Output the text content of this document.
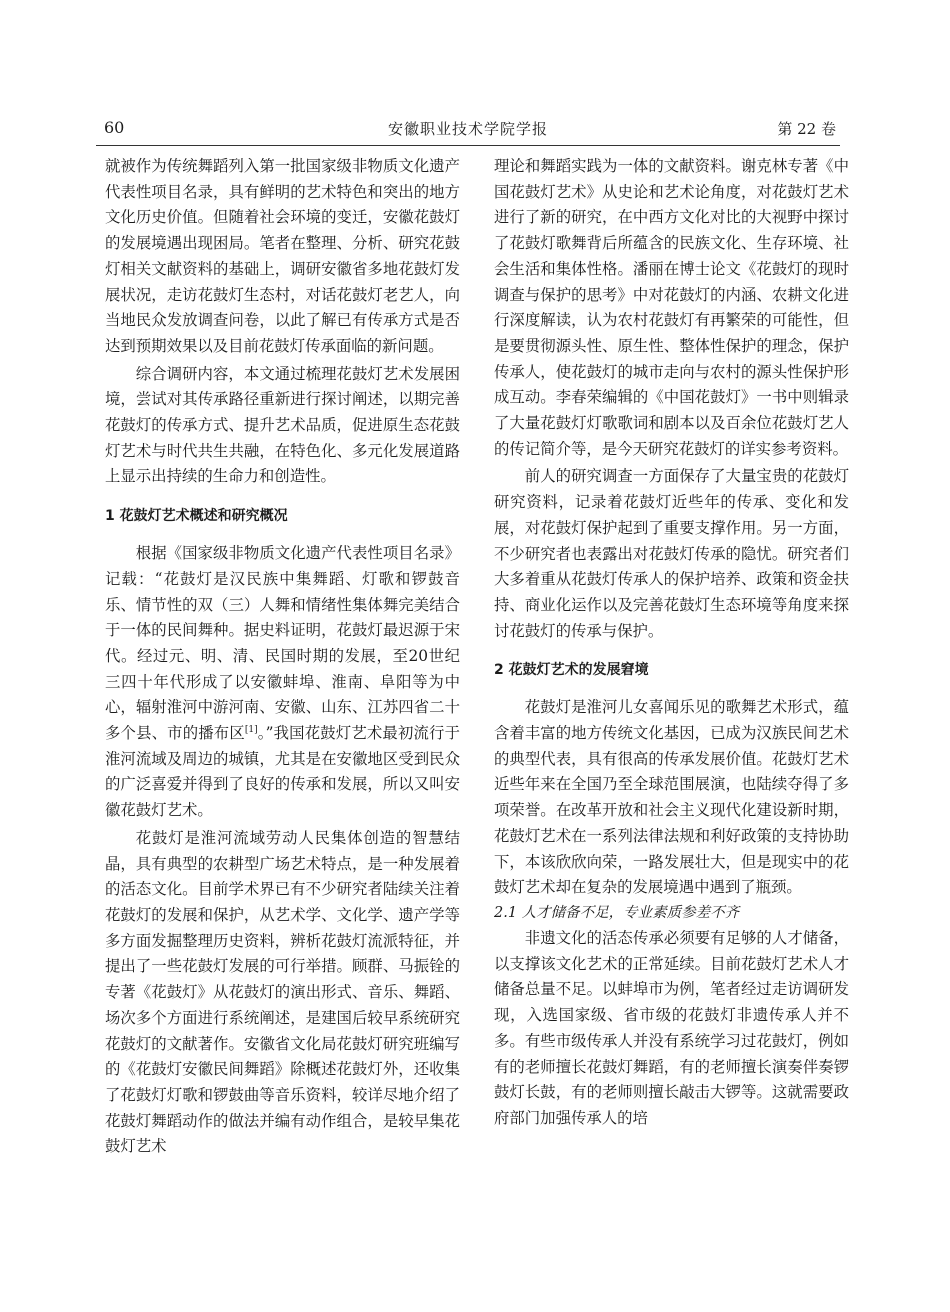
60	安徽职业技术学院学报	第 22 卷

就被作为传统舞蹈列入第一批国家级非物质文化遗产代表性项目名录，具有鲜明的艺术特色和突出的地方文化历史价值。但随着社会环境的变迁，安徽花鼓灯的发展境遇出现困局。笔者在整理、分析、研究花鼓灯相关文献资料的基础上，调研安徽省多地花鼓灯发展状况，走访花鼓灯生态村，对话花鼓灯老艺人，向当地民众发放调查问卷，以此了解已有传承方式是否达到预期效果以及目前花鼓灯传承面临的新问题。

综合调研内容，本文通过梳理花鼓灯艺术发展困境，尝试对其传承路径重新进行探讨阐述，以期完善花鼓灯的传承方式、提升艺术品质，促进原生态花鼓灯艺术与时代共生共融，在特色化、多元化发展道路上显示出持续的生命力和创造性。

1 花鼓灯艺术概述和研究概况

根据《国家级非物质文化遗产代表性项目名录》记载：“花鼓灯是汉民族中集舞蹈、灯歌和锣鼓音乐、情节性的双（三）人舞和情绪性集体舞完美结合于一体的民间舞种。据史料证明，花鼓灯最迟源于宋代。经过元、明、清、民国时期的发展，至20世纪三四十年代形成了以安徽蚌埠、淮南、阜阳等为中心，辐射淮河中游河南、安徽、山东、江苏四省二十多个县、市的播布区[1]。”我国花鼓灯艺术最初流行于淮河流域及周边的城镇，尤其是在安徽地区受到民众的广泛喜爱并得到了良好的传承和发展，所以又叫安徽花鼓灯艺术。

花鼓灯是淮河流域劳动人民集体创造的智慧结晶，具有典型的农耕型广场艺术特点，是一种发展着的活态文化。目前学术界已有不少研究者陆续关注着花鼓灯的发展和保护，从艺术学、文化学、遗产学等多方面发掘整理历史资料，辨析花鼓灯流派特征，并提出了一些花鼓灯发展的可行举措。顾群、马振铨的专著《花鼓灯》从花鼓灯的演出形式、音乐、舞蹈、场次多个方面进行系统阐述，是建国后较早系统研究花鼓灯的文献著作。安徽省文化局花鼓灯研究班编写的《花鼓灯安徽民间舞蹈》除概述花鼓灯外，还收集了花鼓灯灯歌和锣鼓曲等音乐资料，较详尽地介绍了花鼓灯舞蹈动作的做法并编有动作组合，是较早集花鼓灯艺术

理论和舞蹈实践为一体的文献资料。谢克林专著《中国花鼓灯艺术》从史论和艺术论角度，对花鼓灯艺术进行了新的研究，在中西方文化对比的大视野中探讨了花鼓灯歌舞背后所蕴含的民族文化、生存环境、社会生活和集体性格。潘丽在博士论文《花鼓灯的现时调查与保护的思考》中对花鼓灯的内涵、农耕文化进行深度解读，认为农村花鼓灯有再繁荣的可能性，但是要贯彻源头性、原生性、整体性保护的理念，保护传承人，使花鼓灯的城市走向与农村的源头性保护形成互动。李春荣编辑的《中国花鼓灯》一书中则辑录了大量花鼓灯灯歌歌词和剧本以及百余位花鼓灯艺人的传记简介等，是今天研究花鼓灯的详实参考资料。

前人的研究调查一方面保存了大量宝贵的花鼓灯研究资料，记录着花鼓灯近些年的传承、变化和发展，对花鼓灯保护起到了重要支撑作用。另一方面，不少研究者也表露出对花鼓灯传承的隐忧。研究者们大多着重从花鼓灯传承人的保护培养、政策和资金扶持、商业化运作以及完善花鼓灯生态环境等角度来探讨花鼓灯的传承与保护。

2 花鼓灯艺术的发展窘境

花鼓灯是淮河儿女喜闻乐见的歌舞艺术形式，蕴含着丰富的地方传统文化基因，已成为汉族民间艺术的典型代表，具有很高的传承发展价值。花鼓灯艺术近些年来在全国乃至全球范围展演，也陆续夺得了多项荣誉。在改革开放和社会主义现代化建设新时期，花鼓灯艺术在一系列法律法规和利好政策的支持协助下，本该欣欣向荣，一路发展壮大，但是现实中的花鼓灯艺术却在复杂的发展境遇中遇到了瓶颈。

2.1 人才储备不足，专业素质参差不齐

非遗文化的活态传承必须要有足够的人才储备，以支撑该文化艺术的正常延续。目前花鼓灯艺术人才储备总量不足。以蚌埠市为例，笔者经过走访调研发现，入选国家级、省市级的花鼓灯非遗传承人并不多。有些市级传承人并没有系统学习过花鼓灯，例如有的老师擅长花鼓灯舞蹈，有的老师擅长演奏伴奏锣鼓灯长鼓，有的老师则擅长敲击大锣等。这就需要政府部门加强传承人的培
